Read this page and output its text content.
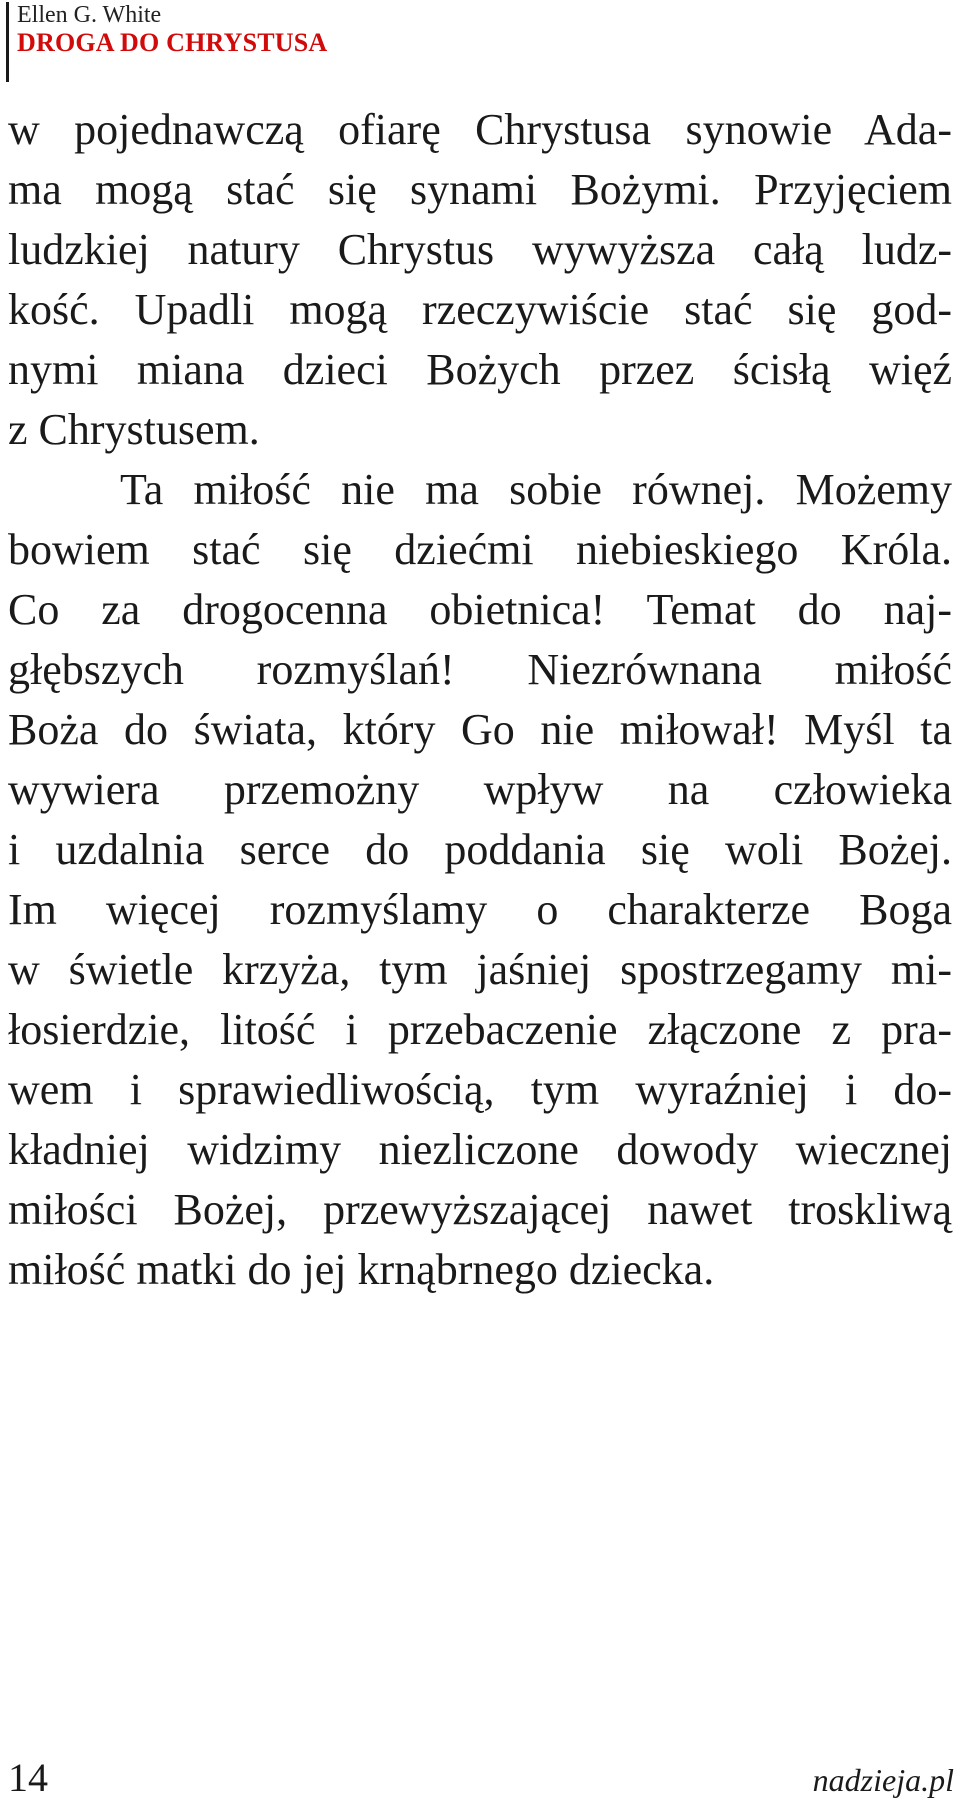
Ellen G. White
DROGA DO CHRYSTUSA
w pojednawczą ofiarę Chrystusa synowie Ada-
ma mogą stać się synami Bożymi. Przyjęciem
ludzkiej natury Chrystus wywyższa całą ludz-
kość. Upadli mogą rzeczywiście stać się god-
nymi miana dzieci Bożych przez ścisłą więź
z Chrystusem.
Ta miłość nie ma sobie równej. Możemy
bowiem stać się dziećmi niebieskiego Króla.
Co za drogocenna obietnica! Temat do naj-
głębszych rozmyślań! Niezrównana miłość
Boża do świata, który Go nie miłował! Myśl ta
wywiera przemożny wpływ na człowieka
i uzdalnia serce do poddania się woli Bożej.
Im więcej rozmyślamy o charakterze Boga
w świetle krzyża, tym jaśniej spostrzegamy mi-
łosierdzie, litość i przebaczenie złączone z pra-
wem i sprawiedliwością, tym wyraźniej i do-
kładniej widzimy niezliczone dowody wiecznej
miłości Bożej, przewyższającej nawet troskliwą
miłość matki do jej krnąbrnego dziecka.
14	nadzieja.pl
